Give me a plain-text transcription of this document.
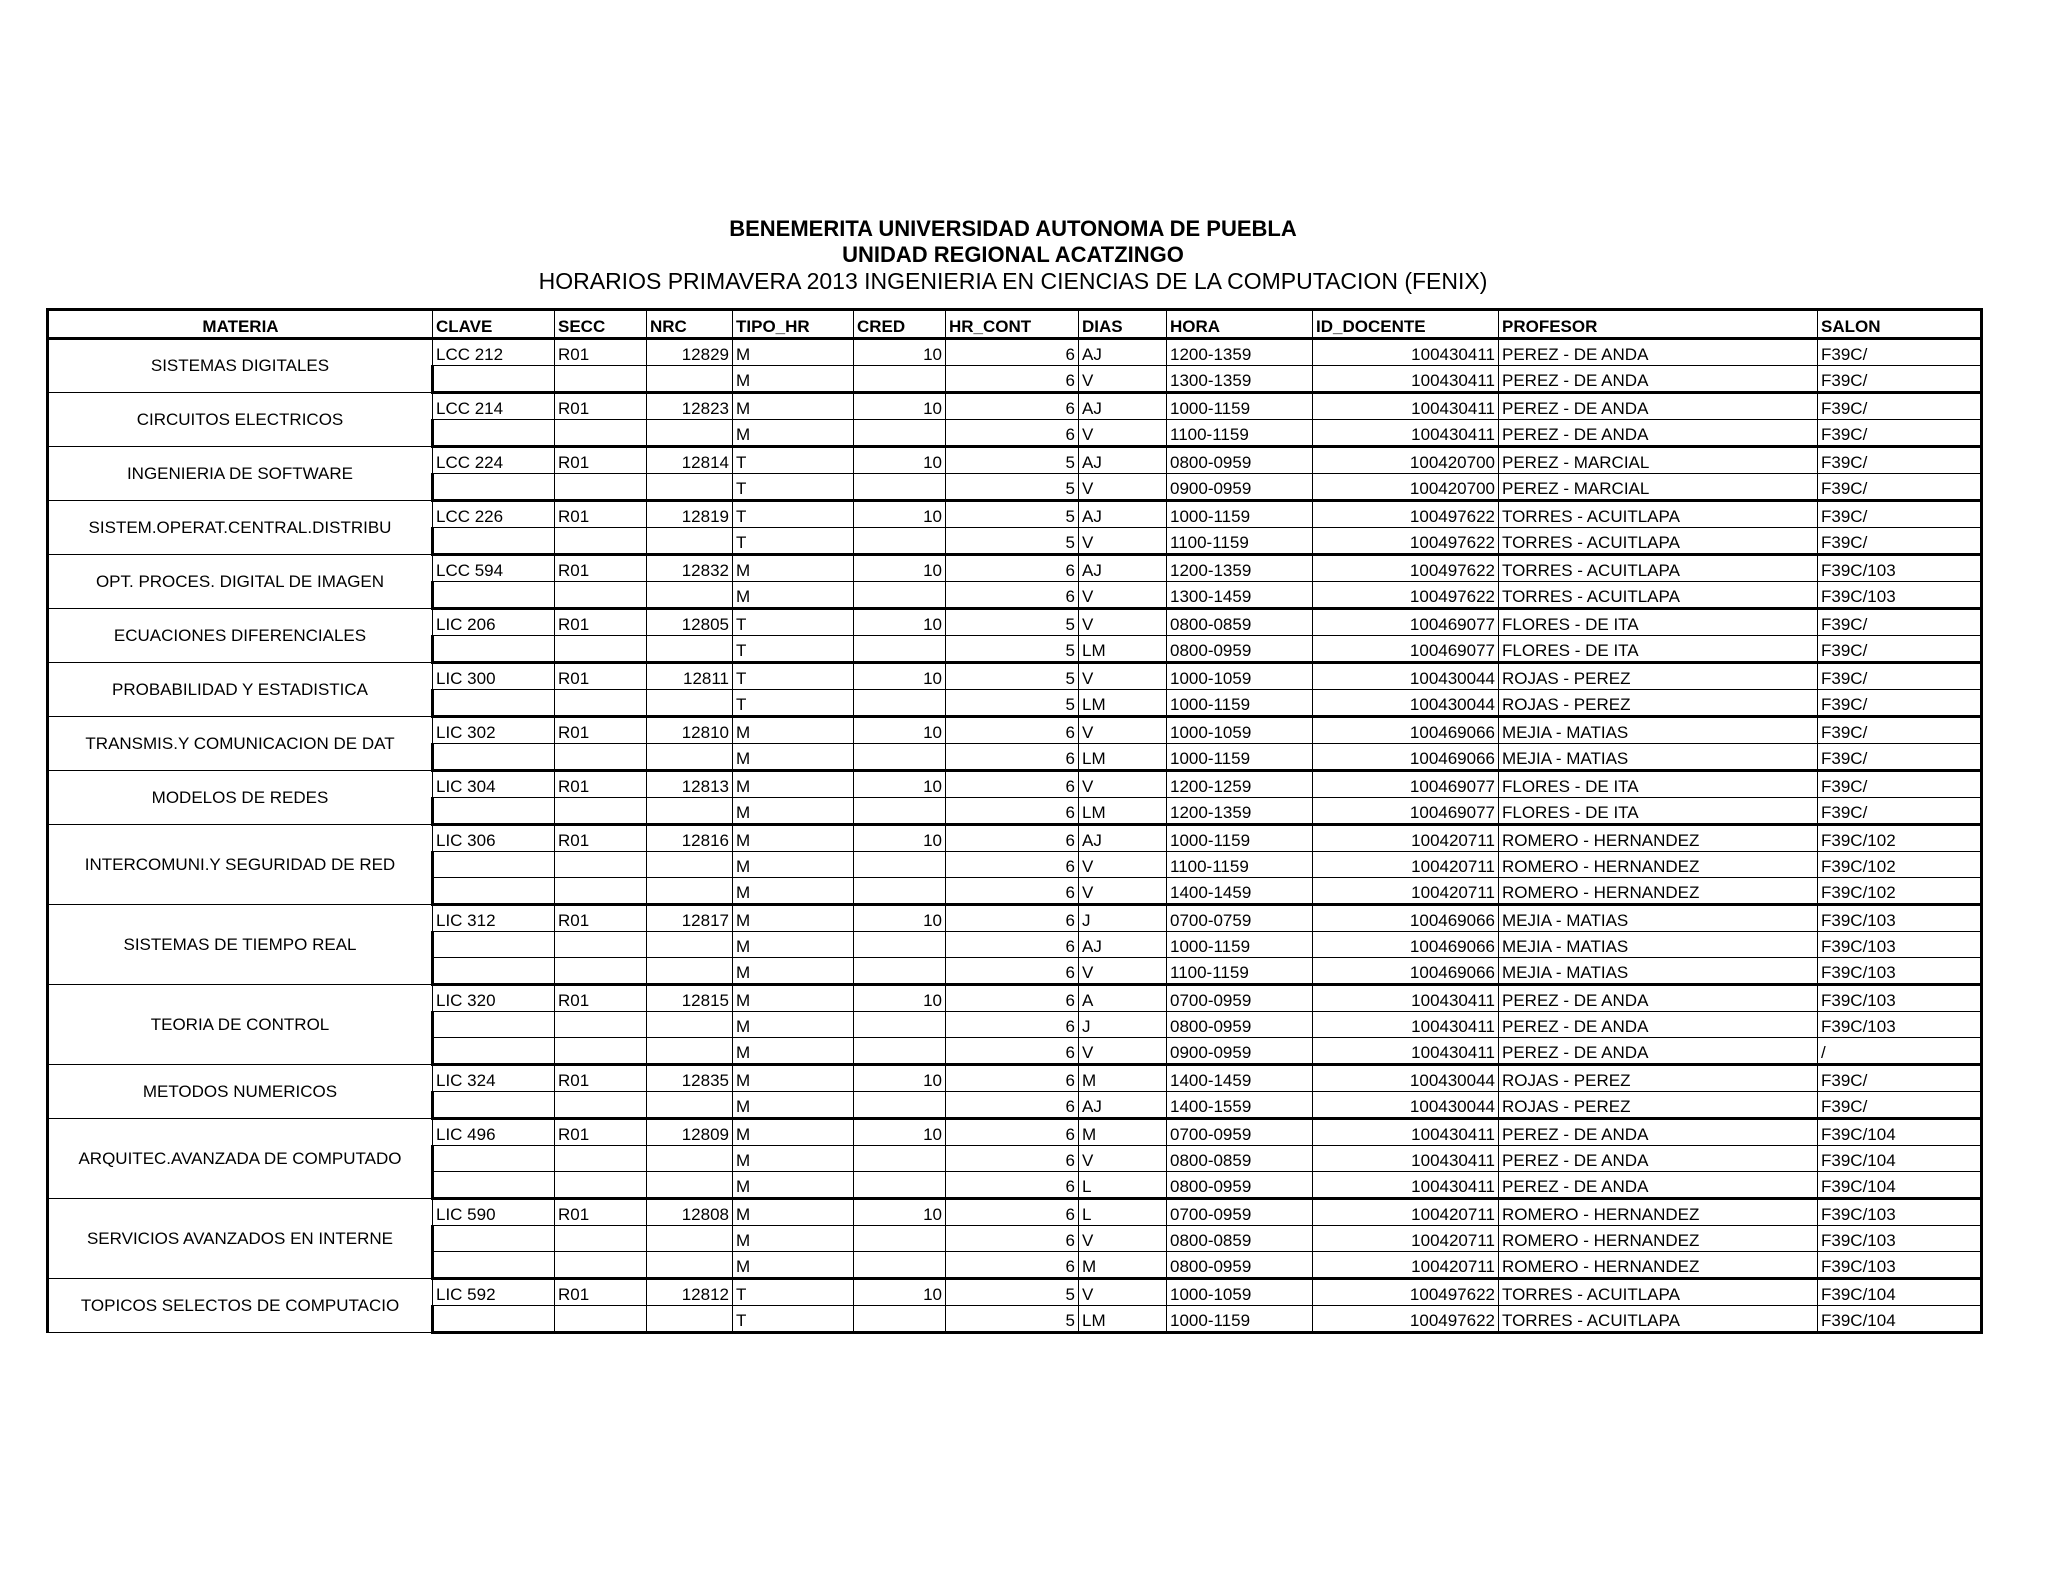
BENEMERITA UNIVERSIDAD AUTONOMA DE PUEBLA
UNIDAD REGIONAL ACATZINGO
HORARIOS PRIMAVERA 2013 INGENIERIA EN CIENCIAS DE LA COMPUTACION (FENIX)
MATERIA	CLAVE	SECC	NRC	TIPO_HR	CRED	HR_CONT	DIAS	HORA	ID_DOCENTE	PROFESOR	SALON
SISTEMAS DIGITALES	LCC 212	R01	12829	M	10	6	AJ	1200-1359	100430411	PEREZ - DE ANDA	F39C/
				M		6	V	1300-1359	100430411	PEREZ - DE ANDA	F39C/
CIRCUITOS ELECTRICOS	LCC 214	R01	12823	M	10	6	AJ	1000-1159	100430411	PEREZ - DE ANDA	F39C/
				M		6	V	1100-1159	100430411	PEREZ - DE ANDA	F39C/
INGENIERIA DE SOFTWARE	LCC 224	R01	12814	T	10	5	AJ	0800-0959	100420700	PEREZ - MARCIAL	F39C/
				T		5	V	0900-0959	100420700	PEREZ - MARCIAL	F39C/
SISTEM.OPERAT.CENTRAL.DISTRIBU	LCC 226	R01	12819	T	10	5	AJ	1000-1159	100497622	TORRES - ACUITLAPA	F39C/
				T		5	V	1100-1159	100497622	TORRES - ACUITLAPA	F39C/
OPT. PROCES. DIGITAL DE IMAGEN	LCC 594	R01	12832	M	10	6	AJ	1200-1359	100497622	TORRES - ACUITLAPA	F39C/103
				M		6	V	1300-1459	100497622	TORRES - ACUITLAPA	F39C/103
ECUACIONES DIFERENCIALES	LIC 206	R01	12805	T	10	5	V	0800-0859	100469077	FLORES - DE ITA	F39C/
				T		5	LM	0800-0959	100469077	FLORES - DE ITA	F39C/
PROBABILIDAD Y ESTADISTICA	LIC 300	R01	12811	T	10	5	V	1000-1059	100430044	ROJAS - PEREZ	F39C/
				T		5	LM	1000-1159	100430044	ROJAS - PEREZ	F39C/
TRANSMIS.Y COMUNICACION DE DAT	LIC 302	R01	12810	M	10	6	V	1000-1059	100469066	MEJIA - MATIAS	F39C/
				M		6	LM	1000-1159	100469066	MEJIA - MATIAS	F39C/
MODELOS DE REDES	LIC 304	R01	12813	M	10	6	V	1200-1259	100469077	FLORES - DE ITA	F39C/
				M		6	LM	1200-1359	100469077	FLORES - DE ITA	F39C/
INTERCOMUNI.Y SEGURIDAD DE RED	LIC 306	R01	12816	M	10	6	AJ	1000-1159	100420711	ROMERO - HERNANDEZ	F39C/102
				M		6	V	1100-1159	100420711	ROMERO - HERNANDEZ	F39C/102
				M		6	V	1400-1459	100420711	ROMERO - HERNANDEZ	F39C/102
SISTEMAS DE TIEMPO REAL	LIC 312	R01	12817	M	10	6	J	0700-0759	100469066	MEJIA - MATIAS	F39C/103
				M		6	AJ	1000-1159	100469066	MEJIA - MATIAS	F39C/103
				M		6	V	1100-1159	100469066	MEJIA - MATIAS	F39C/103
TEORIA DE CONTROL	LIC 320	R01	12815	M	10	6	A	0700-0959	100430411	PEREZ - DE ANDA	F39C/103
				M		6	J	0800-0959	100430411	PEREZ - DE ANDA	F39C/103
				M		6	V	0900-0959	100430411	PEREZ - DE ANDA	/
METODOS NUMERICOS	LIC 324	R01	12835	M	10	6	M	1400-1459	100430044	ROJAS - PEREZ	F39C/
				M		6	AJ	1400-1559	100430044	ROJAS - PEREZ	F39C/
ARQUITEC.AVANZADA DE COMPUTADO	LIC 496	R01	12809	M	10	6	M	0700-0959	100430411	PEREZ - DE ANDA	F39C/104
				M		6	V	0800-0859	100430411	PEREZ - DE ANDA	F39C/104
				M		6	L	0800-0959	100430411	PEREZ - DE ANDA	F39C/104
SERVICIOS AVANZADOS EN INTERNE	LIC 590	R01	12808	M	10	6	L	0700-0959	100420711	ROMERO - HERNANDEZ	F39C/103
				M		6	V	0800-0859	100420711	ROMERO - HERNANDEZ	F39C/103
				M		6	M	0800-0959	100420711	ROMERO - HERNANDEZ	F39C/103
TOPICOS SELECTOS DE COMPUTACIO	LIC 592	R01	12812	T	10	5	V	1000-1059	100497622	TORRES - ACUITLAPA	F39C/104
				T		5	LM	1000-1159	100497622	TORRES - ACUITLAPA	F39C/104
